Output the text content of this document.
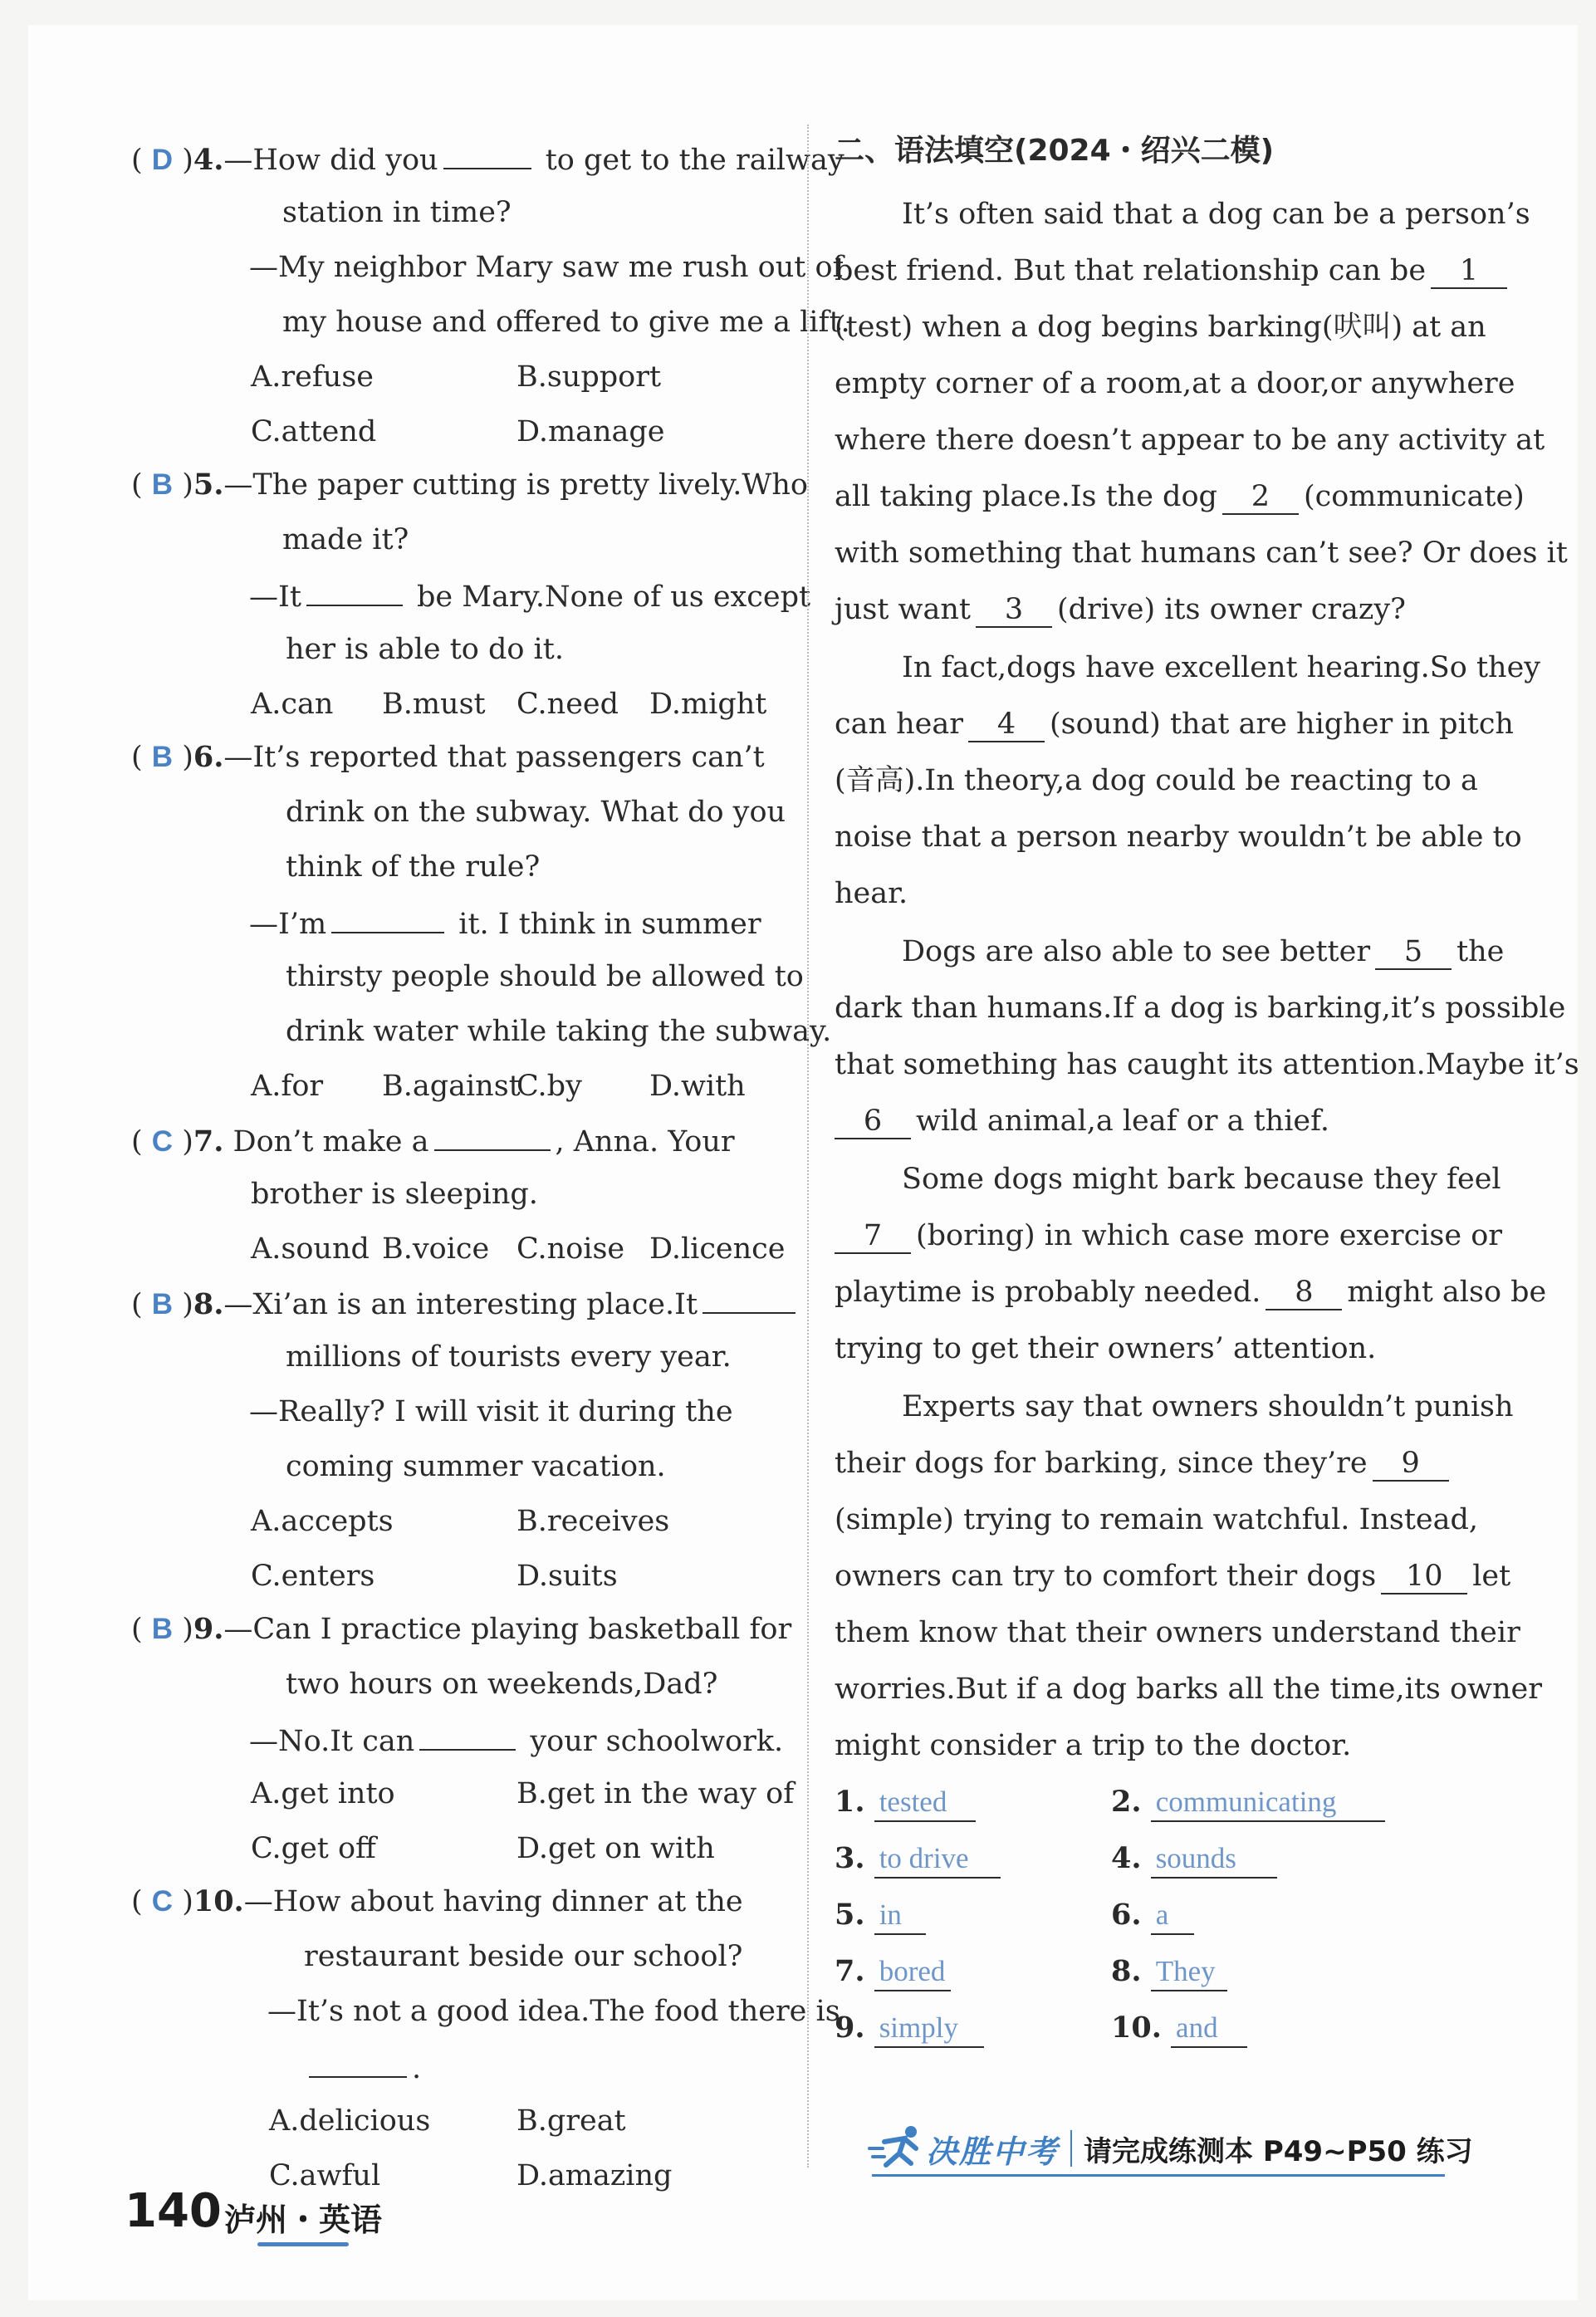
( D )4.—How did you	to get to the railway
station in time?
—My neighbor Mary saw me rush out of
my house and offered to give me a lift.
A.refuse	B.support
C.attend	D.manage
( B )5.—The paper cutting is pretty lively.Who
made it?
—It	be Mary.None of us except
her is able to do it.
A.can B.must C.need D.might
( B )6.—It’s reported that passengers can’t
drink on the subway. What do you
think of the rule?
—I’m	it. I think in summer
thirsty people should be allowed to
drink water while taking the subway.
A.for B.against
C.by D.with
( C )7. Don’t make a	, Anna. Your
brother is sleeping.
A.sound B.voice C.noise D.licence
( B )8.—Xi’an is an interesting place.It
millions of tourists every year.
—Really? I will visit it during the
coming summer vacation.
A.accepts	B.receives
C.enters	D.suits
( B )9.—Can I practice playing basketball for
two hours on weekends,Dad?
—No.It can	your schoolwork.
A.get into	B.get in the way of
C.get off	D.get on with
( C )10.—How about having dinner at the
restaurant beside our school?
—It’s not a good idea.The food there is
.
A.delicious	B.great
C.awful	D.amazing
二、语法填空(2024・绍兴二模)
It’s often said that a dog can be a person’s
best friend. But that relationship can be 1
(test) when a dog begins barking(吠叫) at an
empty corner of a room,at a door,or anywhere
where there doesn’t appear to be any activity at
all taking place.Is the dog 2 (communicate)
with something that humans can’t see? Or does it
just want 3 (drive) its owner crazy?
In fact,dogs have excellent hearing.So they
can hear 4 (sound) that are higher in pitch
(音高).In theory,a dog could be reacting to a
noise that a person nearby wouldn’t be able to
hear.
Dogs are also able to see better 5 the
dark than humans.If a dog is barking,it’s possible
that something has caught its attention.Maybe it’s
6 wild animal,a leaf or a thief.
Some dogs might bark because they feel
7 (boring) in which case more exercise or
playtime is probably needed. 8 might also be
trying to get their owners’ attention.
Experts say that owners shouldn’t punish
their dogs for barking, since they’re 9
(simple) trying to remain watchful. Instead,
owners can try to comfort their dogs 10 let
them know that their owners understand their
worries.But if a dog barks all the time,its owner
might consider a trip to the doctor.
1. tested	2. communicating
3. to drive	4. sounds
5. in	6. a
7. bored	8. They
9. simply	10. and
决胜中考 请完成练测本 P49~P50 练习
140 泸州・英语
